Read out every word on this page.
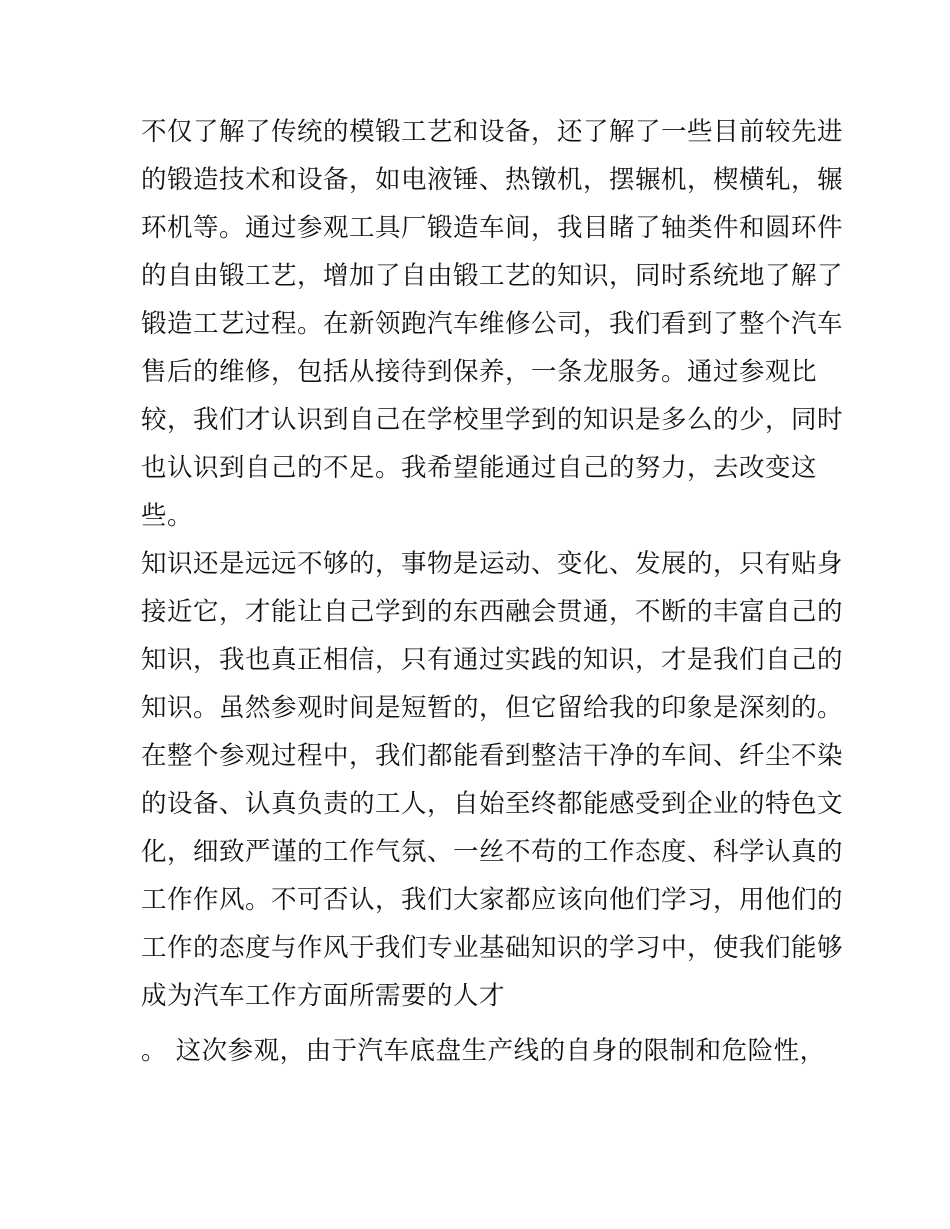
不仅了解了传统的模锻工艺和设备，还了解了一些目前较先进
的锻造技术和设备，如电液锤、热镦机，摆辗机，楔横轧，辗
环机等。通过参观工具厂锻造车间，我目睹了轴类件和圆环件
的自由锻工艺，增加了自由锻工艺的知识，同时系统地了解了
锻造工艺过程。在新领跑汽车维修公司，我们看到了整个汽车
售后的维修，包括从接待到保养，一条龙服务。通过参观比
较，我们才认识到自己在学校里学到的知识是多么的少，同时
也认识到自己的不足。我希望能通过自己的努力，去改变这
些。
知识还是远远不够的，事物是运动、变化、发展的，只有贴身
接近它，才能让自己学到的东西融会贯通，不断的丰富自己的
知识，我也真正相信，只有通过实践的知识，才是我们自己的
知识。虽然参观时间是短暂的，但它留给我的印象是深刻的。
在整个参观过程中，我们都能看到整洁干净的车间、纤尘不染
的设备、认真负责的工人，自始至终都能感受到企业的特色文
化，细致严谨的工作气氛、一丝不苟的工作态度、科学认真的
工作作风。不可否认，我们大家都应该向他们学习，用他们的
工作的态度与作风于我们专业基础知识的学习中，使我们能够
成为汽车工作方面所需要的人才
。 这次参观，由于汽车底盘生产线的自身的限制和危险性，
